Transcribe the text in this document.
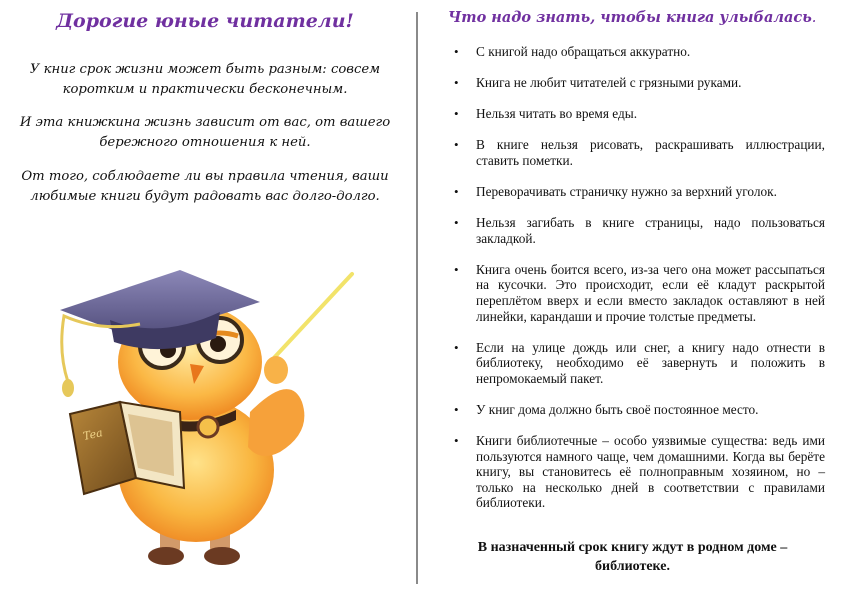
Дорогие юные читатели!
У книг срок жизни может быть разным: совсем коротким и практически бесконечным.
И эта книжкина жизнь зависит от вас, от вашего бережного отношения к ней.
От того, соблюдаете ли вы правила чтения, ваши любимые книги будут радовать вас долго-долго.
Tea
Что надо знать, чтобы книга улыбалась.
• С книгой надо обращаться аккуратно.
• Книга не любит читателей с грязными руками.
• Нельзя читать во время еды.
• В книге нельзя рисовать, раскрашивать иллюстрации, ставить пометки.
• Переворачивать страничку нужно за верхний уголок.
• Нельзя загибать в книге страницы, надо пользоваться закладкой.
• Книга очень боится всего, из-за чего она может рассыпаться на кусочки. Это происходит, если её кладут раскрытой переплётом вверх и если вместо закладок оставляют в ней линейки, карандаши и прочие толстые предметы.
• Если на улице дождь или снег, а книгу надо отнести в библиотеку, необходимо её завернуть и положить в непромокаемый пакет.
• У книг дома должно быть своё постоянное место.
• Книги библиотечные – особо уязвимые существа: ведь ими пользуются намного чаще, чем домашними. Когда вы берёте книгу, вы становитесь её полноправным хозяином, но – только на несколько дней в соответствии с правилами библиотеки.
В назначенный срок книгу ждут в родном доме – библиотеке.
